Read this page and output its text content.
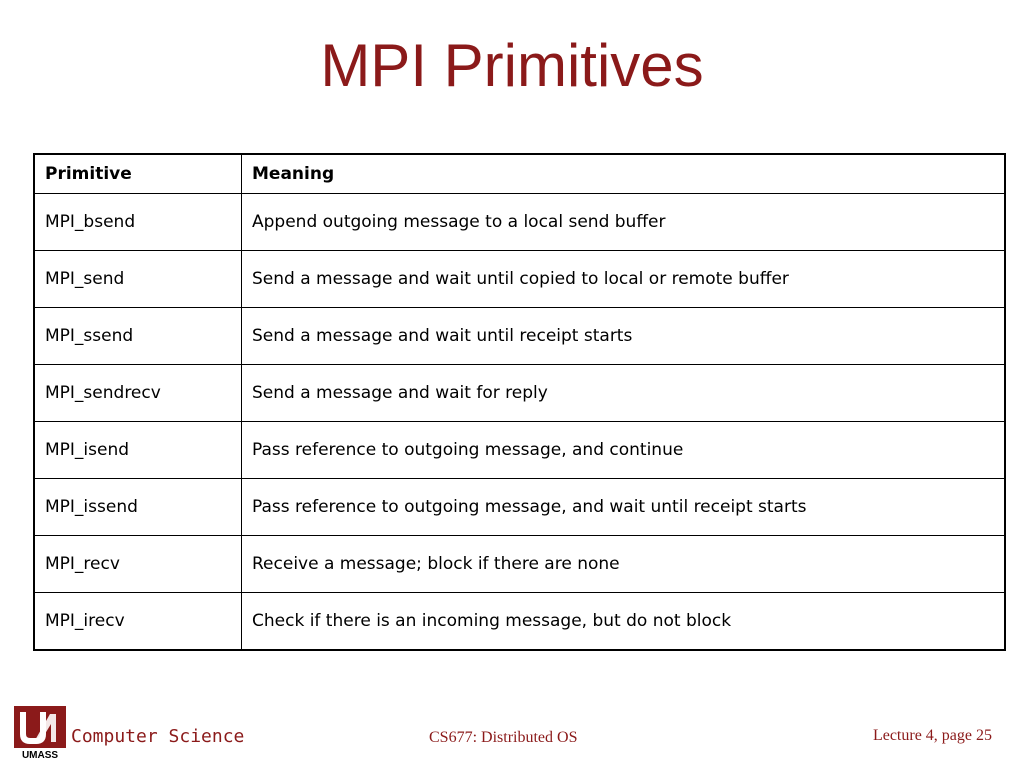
MPI Primitives
Primitive	Meaning
MPI_bsend	Append outgoing message to a local send buffer
MPI_send	Send a message and wait until copied to local or remote buffer
MPI_ssend	Send a message and wait until receipt starts
MPI_sendrecv	Send a message and wait for reply
MPI_isend	Pass reference to outgoing message, and continue
MPI_issend	Pass reference to outgoing message, and wait until receipt starts
MPI_recv	Receive a message; block if there are none
MPI_irecv	Check if there is an incoming message, but do not block
UMASS
Computer Science	CS677: Distributed OS	Lecture 4, page 25
